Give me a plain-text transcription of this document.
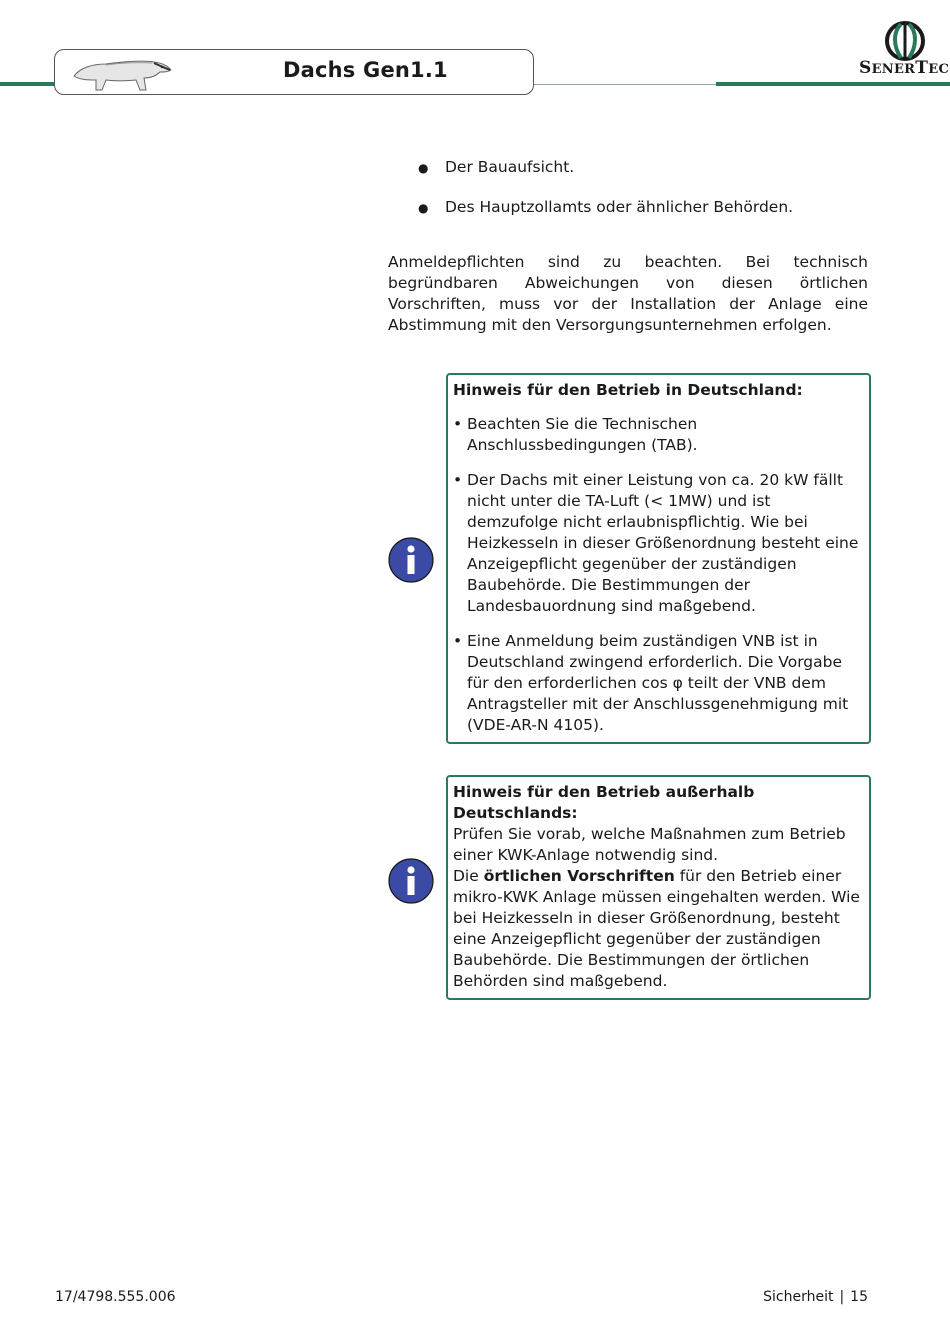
Dachs Gen1.1	SENERTEC
● Der Bauaufsicht.
● Des Hauptzollamts oder ähnlicher Behörden.

Anmeldepflichten sind zu beachten. Bei technisch begründbaren Abweichungen von diesen örtlichen Vorschriften, muss vor der Installation der Anlage eine Abstimmung mit den Versorgungsunternehmen erfolgen.

Hinweis für den Betrieb in Deutschland:
• Beachten Sie die Technischen Anschlussbedingungen (TAB).
• Der Dachs mit einer Leistung von ca. 20 kW fällt nicht unter die TA-Luft (< 1MW) und ist demzufolge nicht erlaubnispflichtig. Wie bei Heizkesseln in dieser Größenordnung besteht eine Anzeigepflicht gegenüber der zuständigen Baubehörde. Die Bestimmungen der Landesbauordnung sind maßgebend.
• Eine Anmeldung beim zuständigen VNB ist in Deutschland zwingend erforderlich. Die Vorgabe für den erforderlichen cos φ teilt der VNB dem Antragsteller mit der Anschlussgenehmigung mit (VDE-AR-N 4105).

Hinweis für den Betrieb außerhalb Deutschlands:

Prüfen Sie vorab, welche Maßnahmen zum Betrieb einer KWK-Anlage notwendig sind.

Die örtlichen Vorschriften für den Betrieb einer mikro-KWK Anlage müssen eingehalten werden. Wie bei Heizkesseln in dieser Größenordnung, besteht eine Anzeigepflicht gegenüber der zuständigen Baubehörde. Die Bestimmungen der örtlichen Behörden sind maßgebend.

17/4798.555.006	Sicherheit | 15
